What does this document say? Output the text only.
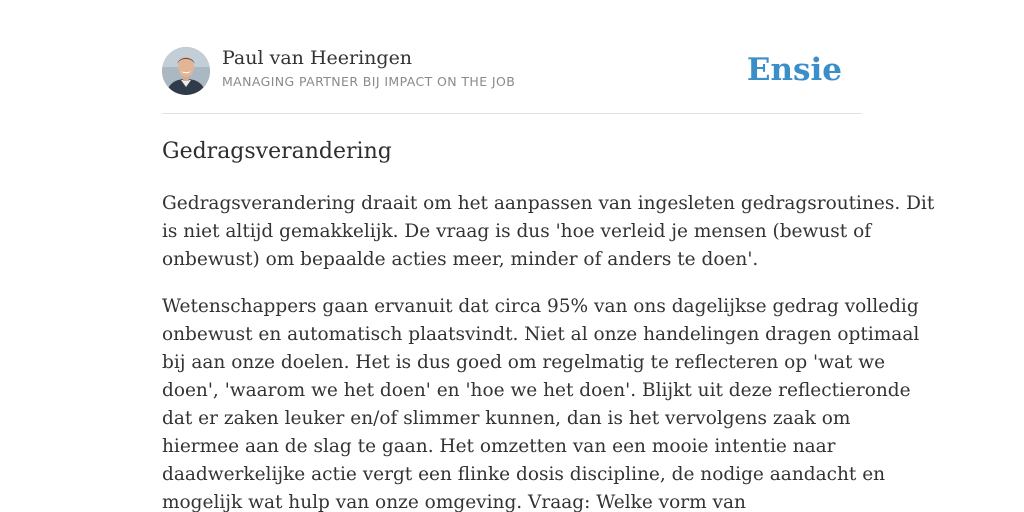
Paul van Heeringen
MANAGING PARTNER BIJ IMPACT ON THE JOB	Ensie
Gedragsverandering

Gedragsverandering draait om het aanpassen van ingesleten gedragsroutines. Dit
is niet altijd gemakkelijk. De vraag is dus 'hoe verleid je mensen (bewust of
onbewust) om bepaalde acties meer, minder of anders te doen'.

Wetenschappers gaan ervanuit dat circa 95% van ons dagelijkse gedrag volledig
onbewust en automatisch plaatsvindt. Niet al onze handelingen dragen optimaal
bij aan onze doelen. Het is dus goed om regelmatig te reflecteren op 'wat we
doen', 'waarom we het doen' en 'hoe we het doen'. Blijkt uit deze reflectieronde
dat er zaken leuker en/of slimmer kunnen, dan is het vervolgens zaak om
hiermee aan de slag te gaan. Het omzetten van een mooie intentie naar
daadwerkelijke actie vergt een flinke dosis discipline, de nodige aandacht en
mogelijk wat hulp van onze omgeving. Vraag: Welke vorm van
